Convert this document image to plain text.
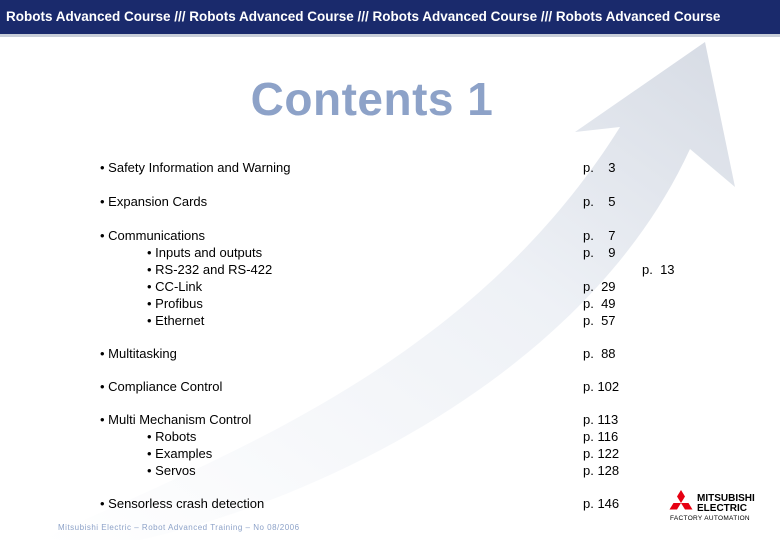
Robots Advanced Course /// Robots Advanced Course /// Robots Advanced Course /// Robots Advanced Course
Contents 1
• Safety Information and Warning	p.    3
• Expansion Cards	p.    5
• Communications	p.    7
• Inputs and outputs	p.    9
• RS-232 and RS-422	p.  13
• CC-Link	p.  29
• Profibus	p.  49
• Ethernet	p.  57
• Multitasking	p.  88
• Compliance Control	p. 102
• Multi Mechanism Control	p. 113
• Robots	p. 116
• Examples	p. 122
• Servos	p. 128
• Sensorless crash detection	p. 146
Mitsubishi Electric – Robot Advanced Training – No 08/2006
MITSUBISHI
ELECTRIC
FACTORY AUTOMATION
